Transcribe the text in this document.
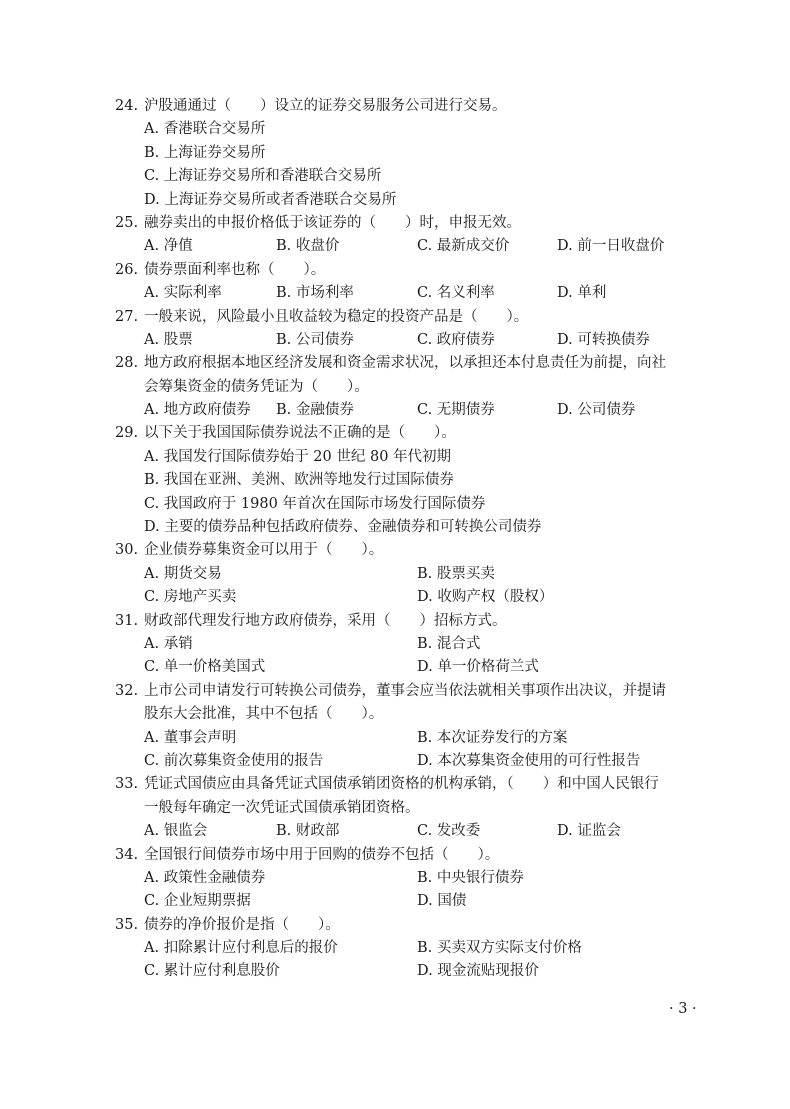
24. 沪股通通过（　　）设立的证券交易服务公司进行交易。
A. 香港联合交易所
B. 上海证券交易所
C. 上海证券交易所和香港联合交易所
D. 上海证券交易所或者香港联合交易所
25. 融券卖出的申报价格低于该证券的（　　）时，申报无效。
A. 净值	B. 收盘价	C. 最新成交价	D. 前一日收盘价
26. 债券票面利率也称（　　）。
A. 实际利率	B. 市场利率	C. 名义利率	D. 单利
27. 一般来说，风险最小且收益较为稳定的投资产品是（　　）。
A. 股票	B. 公司债券	C. 政府债券	D. 可转换债券
28. 地方政府根据本地区经济发展和资金需求状况，以承担还本付息责任为前提，向社
会筹集资金的债务凭证为（　　）。
A. 地方政府债券 B. 金融债券	C. 无期债券	D. 公司债券
29. 以下关于我国国际债券说法不正确的是（　　）。
A. 我国发行国际债券始于 20 世纪 80 年代初期
B. 我国在亚洲、美洲、欧洲等地发行过国际债券
C. 我国政府于 1980 年首次在国际市场发行国际债券
D. 主要的债券品种包括政府债券、金融债券和可转换公司债券
30. 企业债券募集资金可以用于（　　）。
A. 期货交易	B. 股票买卖
C. 房地产买卖	D. 收购产权（股权）
31. 财政部代理发行地方政府债券，采用（　　）招标方式。
A. 承销	B. 混合式
C. 单一价格美国式	D. 单一价格荷兰式
32. 上市公司申请发行可转换公司债券，董事会应当依法就相关事项作出决议，并提请
股东大会批准，其中不包括（　　）。
A. 董事会声明	B. 本次证券发行的方案
C. 前次募集资金使用的报告	D. 本次募集资金使用的可行性报告
33. 凭证式国债应由具备凭证式国债承销团资格的机构承销，（　　）和中国人民银行
一般每年确定一次凭证式国债承销团资格。
A. 银监会	B. 财政部	C. 发改委	D. 证监会
34. 全国银行间债券市场中用于回购的债券不包括（　　）。
A. 政策性金融债券	B. 中央银行债券
C. 企业短期票据	D. 国债
35. 债券的净价报价是指（　　）。
A. 扣除累计应付利息后的报价	B. 买卖双方实际支付价格
C. 累计应付利息股价	D. 现金流贴现报价
· 3 ·
